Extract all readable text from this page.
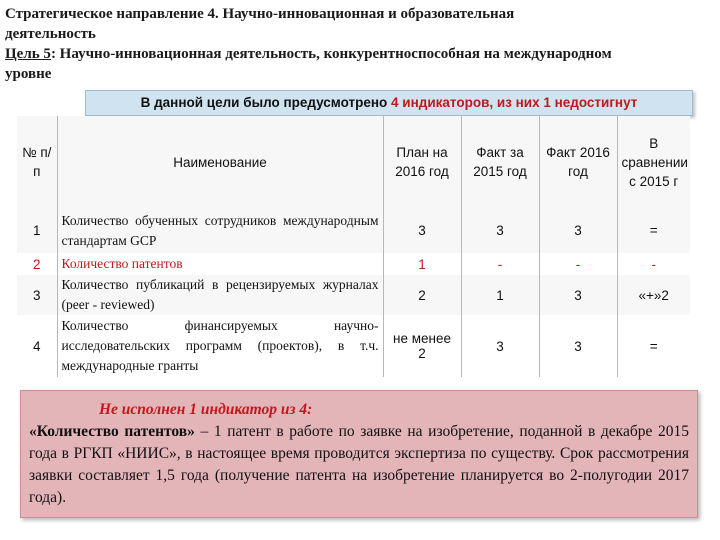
Стратегическое направление 4. Научно-инновационная и образовательная
деятельность
Цель 5: Научно-инновационная деятельность, конкурентноспособная на международном
уровне
В данной цели было предусмотрено 4 индикаторов, из них 1 недостигнут
№ п/п	Наименование	План на 2016 год	Факт за 2015 год	Факт 2016 год	В сравнении с 2015 г
1	Количество обученных сотрудников международным стандартам GCP	3	3	3	=
2	Количество патентов	1	-	-	-
3	Количество публикаций в рецензируемых журналах (peer - reviewed)	2	1	3	«+»2
4	Количество финансируемых научно-исследовательских программ (проектов), в т.ч. международные гранты	не менее 2	3	3	=
Не исполнен 1 индикатор из 4:
«Количество патентов» – 1 патент в работе по заявке на изобретение, поданной в декабре 2015 года в РГКП «НИИС», в настоящее время проводится экспертиза по существу. Срок рассмотрения заявки составляет 1,5 года (получение патента на изобретение планируется во 2-полугодии 2017 года).
